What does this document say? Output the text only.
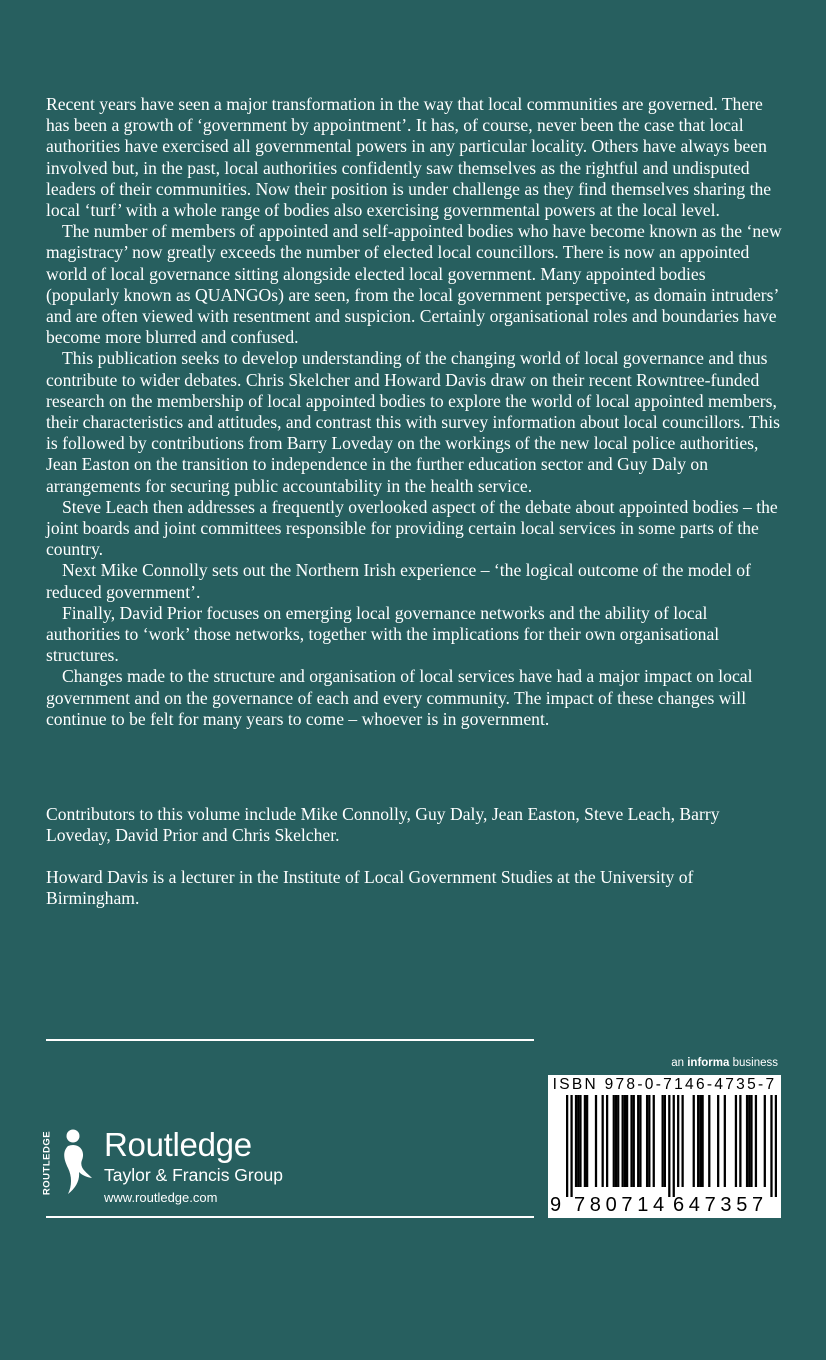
Recent years have seen a major transformation in the way that local communities are governed. There has been a growth of ‘government by appointment’. It has, of course, never been the case that local authorities have exercised all governmental powers in any particular locality. Others have always been involved but, in the past, local authorities confidently saw themselves as the rightful and undisputed leaders of their communities. Now their position is under challenge as they find themselves sharing the local ‘turf’ with a whole range of bodies also exercising governmental powers at the local level.

The number of members of appointed and self-appointed bodies who have become known as the ‘new magistracy’ now greatly exceeds the number of elected local councillors. There is now an appointed world of local governance sitting alongside elected local government. Many appointed bodies (popularly known as QUANGOs) are seen, from the local government perspective, as domain intruders’ and are often viewed with resentment and suspicion. Certainly organisational roles and boundaries have become more blurred and confused.

This publication seeks to develop understanding of the changing world of local governance and thus contribute to wider debates. Chris Skelcher and Howard Davis draw on their recent Rowntree-funded research on the membership of local appointed bodies to explore the world of local appointed members, their characteristics and attitudes, and contrast this with survey information about local councillors. This is followed by contributions from Barry Loveday on the workings of the new local police authorities, Jean Easton on the transition to independence in the further education sector and Guy Daly on arrangements for securing public accountability in the health service.

Steve Leach then addresses a frequently overlooked aspect of the debate about appointed bodies – the joint boards and joint committees responsible for providing certain local services in some parts of the country.

Next Mike Connolly sets out the Northern Irish experience – ‘the logical outcome of the model of reduced government’.

Finally, David Prior focuses on emerging local governance networks and the ability of local authorities to ‘work’ those networks, together with the implications for their own organisational structures.

Changes made to the structure and organisation of local services have had a major impact on local government and on the governance of each and every community. The impact of these changes will continue to be felt for many years to come – whoever is in government.

Contributors to this volume include Mike Connolly, Guy Daly, Jean Easton, Steve Leach, Barry Loveday, David Prior and Chris Skelcher.

Howard Davis is a lecturer in the Institute of Local Government Studies at the University of Birmingham.

an informa business
ISBN 978-0-7146-4735-7
9 7 8 0 7 1 4 6 4 7 3 5 7
ROUTLEDGE Routledge
Taylor & Francis Group
www.routledge.com
